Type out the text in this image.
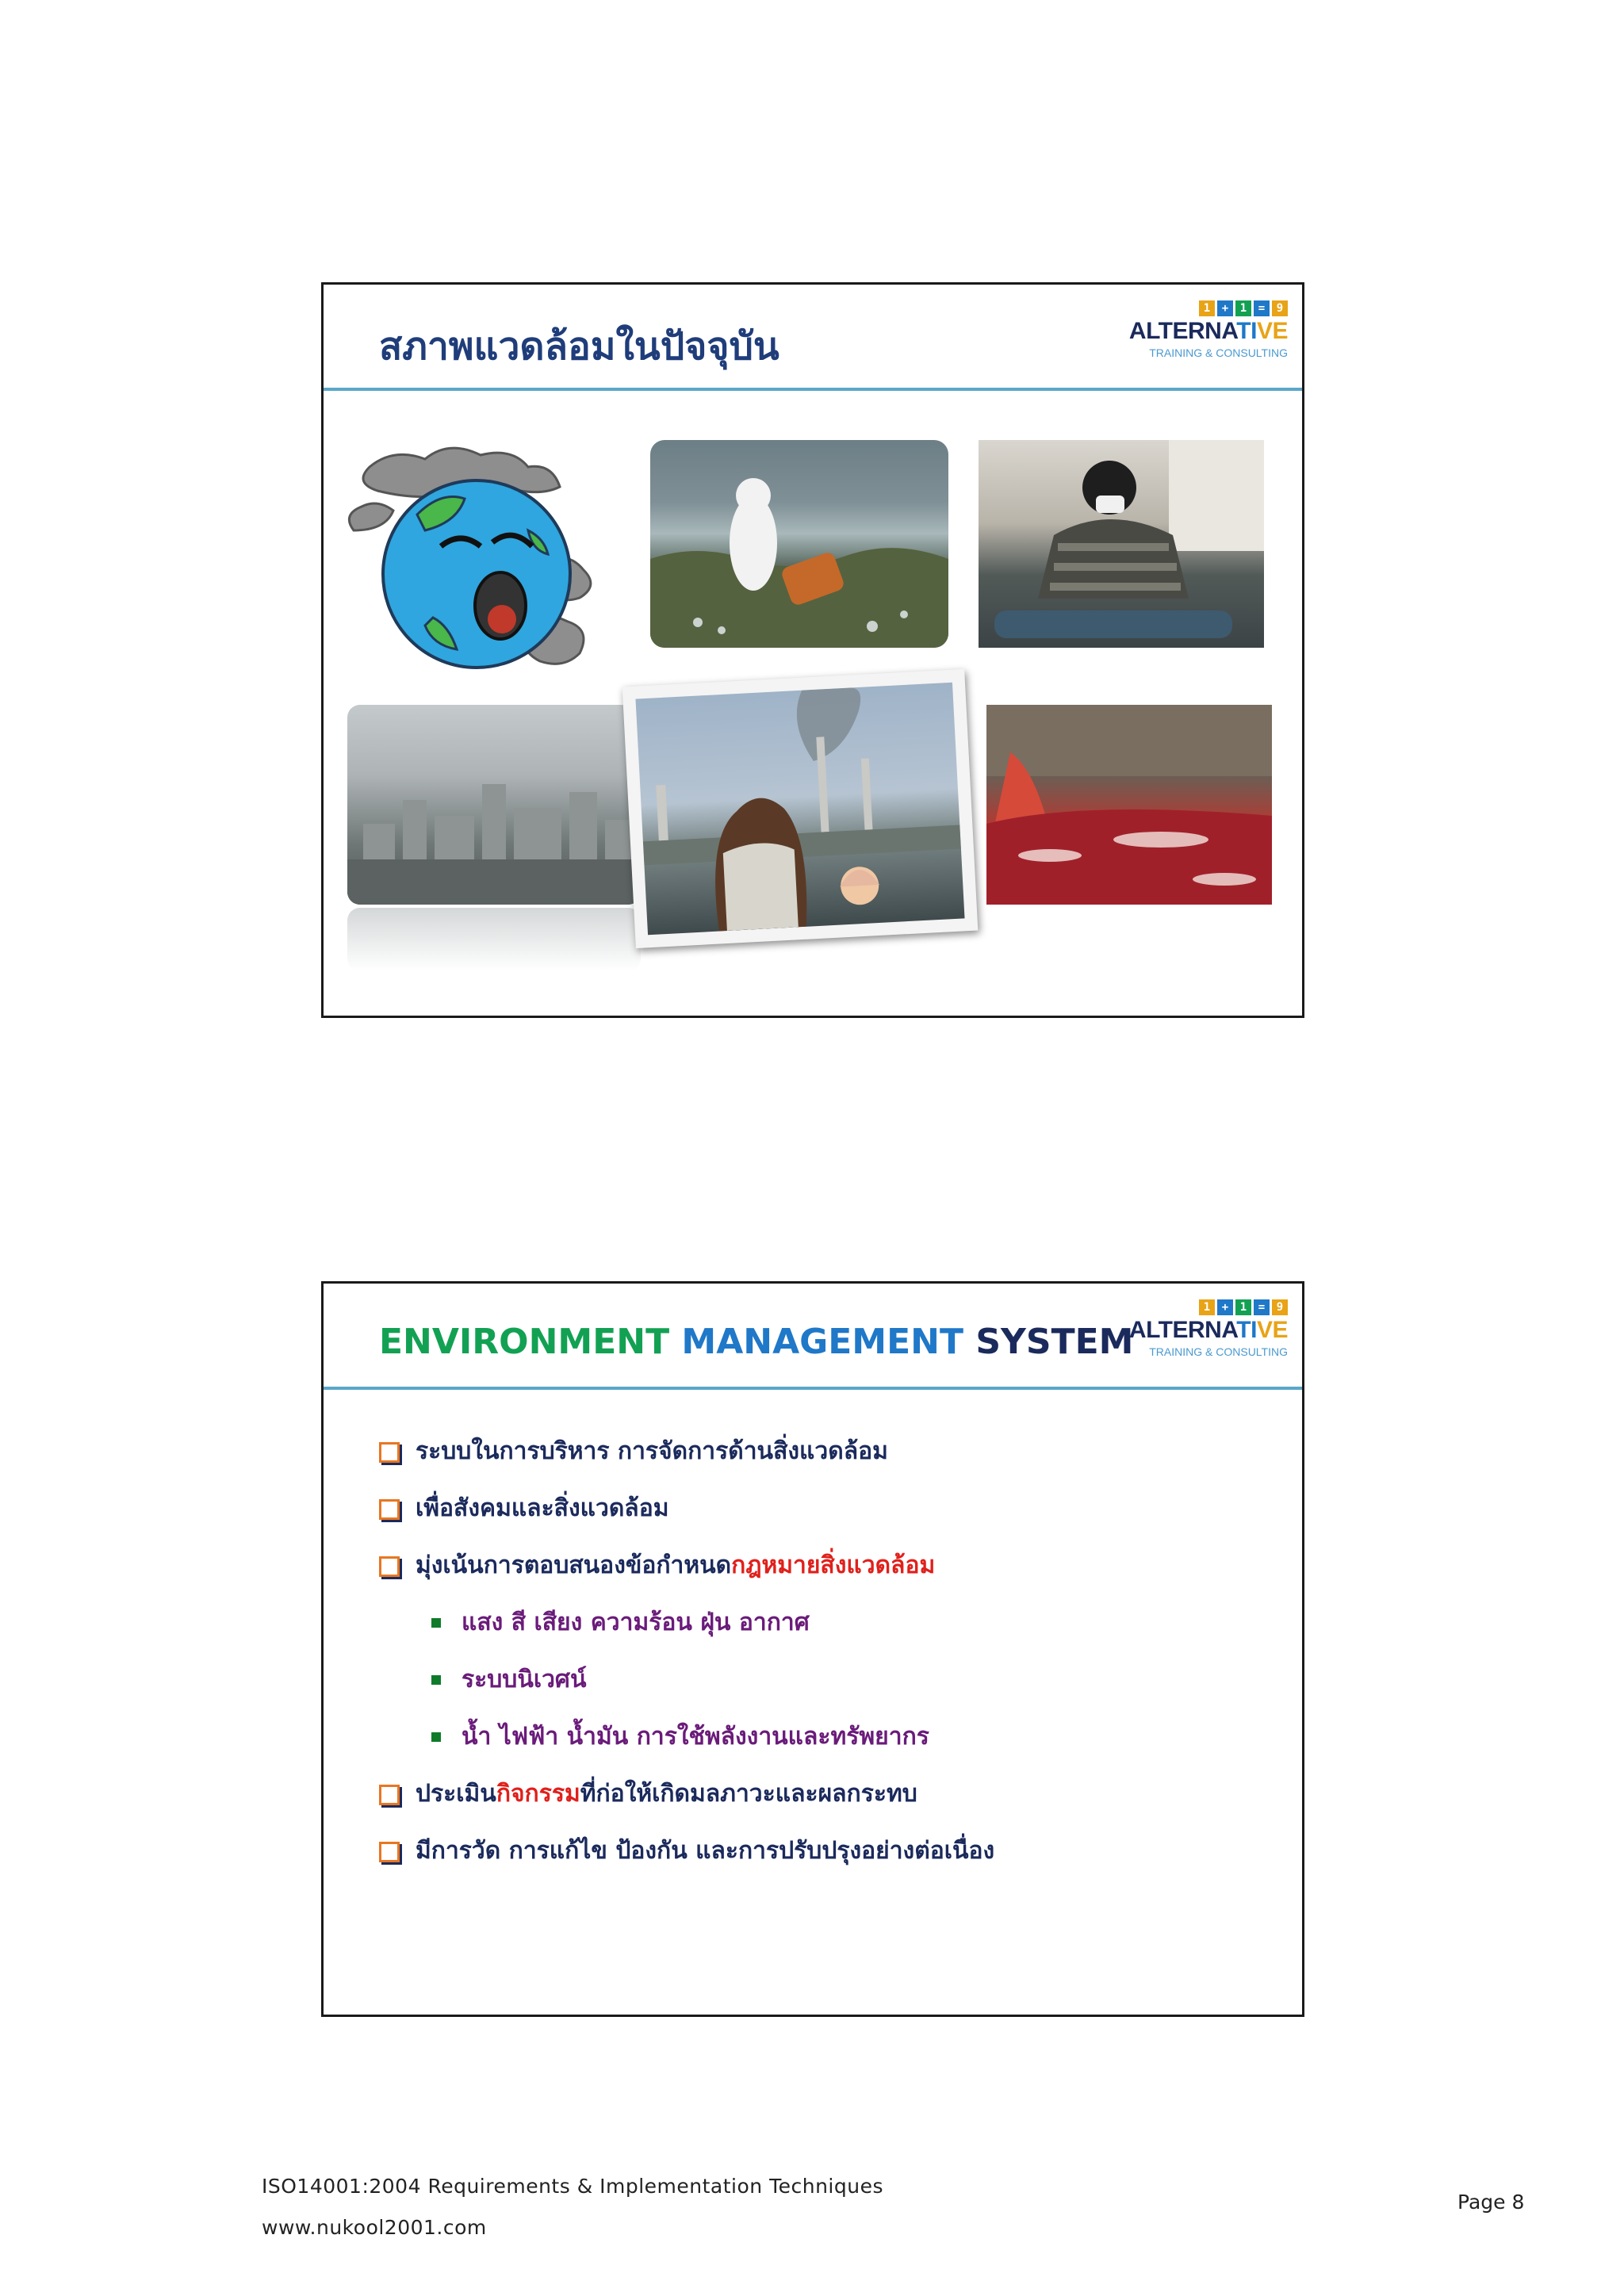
สภาพแวดล้อมในปัจจุบัน
1	+	1	=	9
ALTERNATIVE
TRAINING & CONSULTING
ENVIRONMENT MANAGEMENT SYSTEM
1	+	1	=	9
ALTERNATIVE
TRAINING & CONSULTING
ระบบในการบริหาร การจัดการด้านสิ่งแวดล้อม
เพื่อสังคมและสิ่งแวดล้อม
มุ่งเน้นการตอบสนองข้อกำหนดกฎหมายสิ่งแวดล้อม
แสง สี เสียง ความร้อน ฝุ่น อากาศ
ระบบนิเวศน์
น้ำ ไฟฟ้า น้ำมัน การใช้พลังงานและทรัพยากร
ประเมินกิจกรรมที่ก่อให้เกิดมลภาวะและผลกระทบ
มีการวัด การแก้ไข ป้องกัน และการปรับปรุงอย่างต่อเนื่อง
ISO14001:2004 Requirements & Implementation Techniques
www.nukool2001.com
Page 8
